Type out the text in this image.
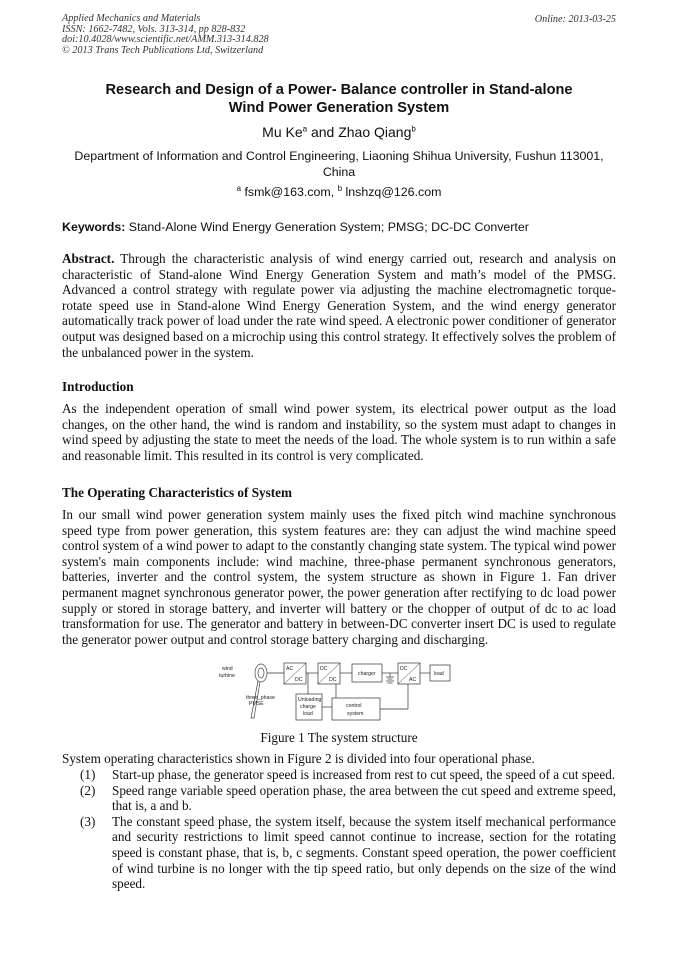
Applied Mechanics and Materials
ISSN: 1662-7482, Vols. 313-314, pp 828-832
doi:10.4028/www.scientific.net/AMM.313-314.828
© 2013 Trans Tech Publications Ltd, Switzerland
Online: 2013-03-25
Research and Design of a Power- Balance controller in Stand-alone
Wind Power Generation System
Mu Ke$^a$ and Zhao Qiang$^b$
Department of Information and Control Engineering, Liaoning Shihua University, Fushun 113001,
China
$^a$ fsmk@163.com, $^b$ lnshzq@126.com
Keywords: Stand-Alone Wind Energy Generation System; PMSG; DC-DC Converter
Abstract. Through the characteristic analysis of wind energy carried out, research and analysis on characteristic of Stand-alone Wind Energy Generation System and math’s model of the PMSG. Advanced a control strategy with regulate power via adjusting the machine electromagnetic torque-rotate speed use in Stand-alone Wind Energy Generation System, and the wind energy generator automatically track power of load under the rate wind speed. A electronic power conditioner of generator output was designed based on a microchip using this control strategy. It effectively solves the problem of the unbalanced power in the system.
Introduction
As the independent operation of small wind power system, its electrical power output as the load changes, on the other hand, the wind is random and instability, so the system must adapt to changes in wind speed by adjusting the state to meet the needs of the load. The whole system is to run within a safe and reasonable limit. This resulted in its control is very complicated.
The Operating Characteristics of System
In our small wind power generation system mainly uses the fixed pitch wind machine synchronous speed type from power generation, this system features are: they can adjust the wind machine speed control system of a wind power to adapt to the constantly changing state system. The typical wind power system's main components include: wind machine, three-phase permanent synchronous generators, batteries, inverter and the control system, the system structure as shown in Figure 1. Fan driver permanent magnet synchronous generator power, the power generation after rectifying to dc load power supply or stored in storage battery, and inverter will battery or the chopper of output of dc to ac load transformation for use. The generator and battery in between-DC converter insert DC is used to regulate the generator power output and control storage battery charging and discharging.
wind
turbine
three_phase
PMSE
AC
DC
DC
DC
charger
DC
AC
load
Unloading
charge
load
control
system
Figure 1 The system structure
System operating characteristics shown in Figure 2 is divided into four operational phase.
(1)	Start-up phase, the generator speed is increased from rest to cut speed, the speed of a cut speed.
(2)	Speed range variable speed operation phase, the area between the cut speed and extreme speed, that is, a and b.
(3)	The constant speed phase, the system itself, because the system itself mechanical performance and security restrictions to limit speed cannot continue to increase, section for the rotating speed is constant phase, that is, b, c segments. Constant speed operation, the power coefficient of wind turbine is no longer with the tip speed ratio, but only depends on the size of the wind speed.
